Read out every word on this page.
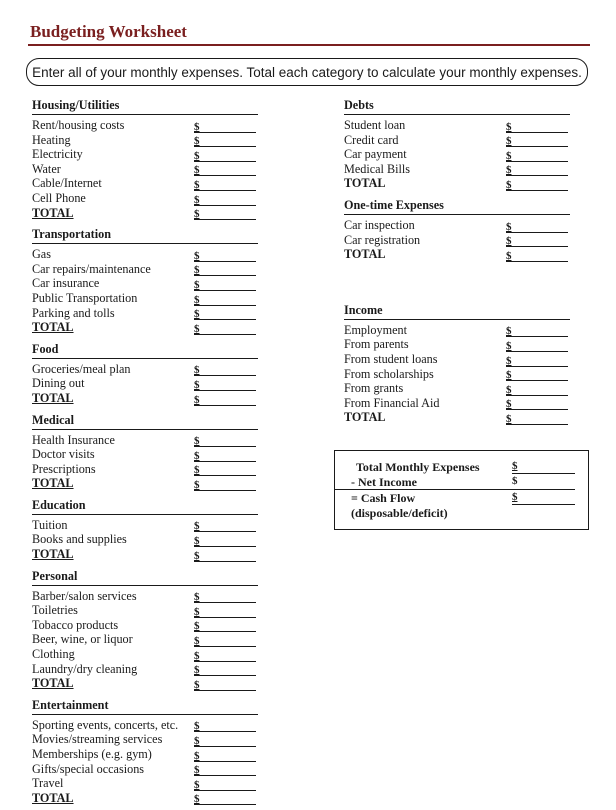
Budgeting Worksheet
Enter all of your monthly expenses. Total each category to calculate your monthly expenses.
Housing/Utilities
Rent/housing costs	$
Heating	$
Electricity	$
Water	$
Cable/Internet	$
Cell Phone	$
TOTAL	$
Transportation
Gas	$
Car repairs/maintenance	$
Car insurance	$
Public Transportation	$
Parking and tolls	$
TOTAL	$
Food
Groceries/meal plan	$
Dining out	$
TOTAL	$
Medical
Health Insurance	$
Doctor visits	$
Prescriptions	$
TOTAL	$
Education
Tuition	$
Books and supplies	$
TOTAL	$
Personal
Barber/salon services	$
Toiletries	$
Tobacco products	$
Beer, wine, or liquor	$
Clothing	$
Laundry/dry cleaning	$
TOTAL	$
Entertainment
Sporting events, concerts, etc.	$
Movies/streaming services	$
Memberships (e.g. gym)	$
Gifts/special occasions	$
Travel	$
TOTAL	$
Debts
Student loan	$
Credit card	$
Car payment	$
Medical Bills	$
TOTAL	$
One-time Expenses
Car inspection	$
Car registration	$
TOTAL	$
Income
Employment	$
From parents	$
From student loans	$
From scholarships	$
From grants	$
From Financial Aid	$
TOTAL	$
Total Monthly Expenses	$
- Net Income	$
= Cash Flow	$
(disposable/deficit)
